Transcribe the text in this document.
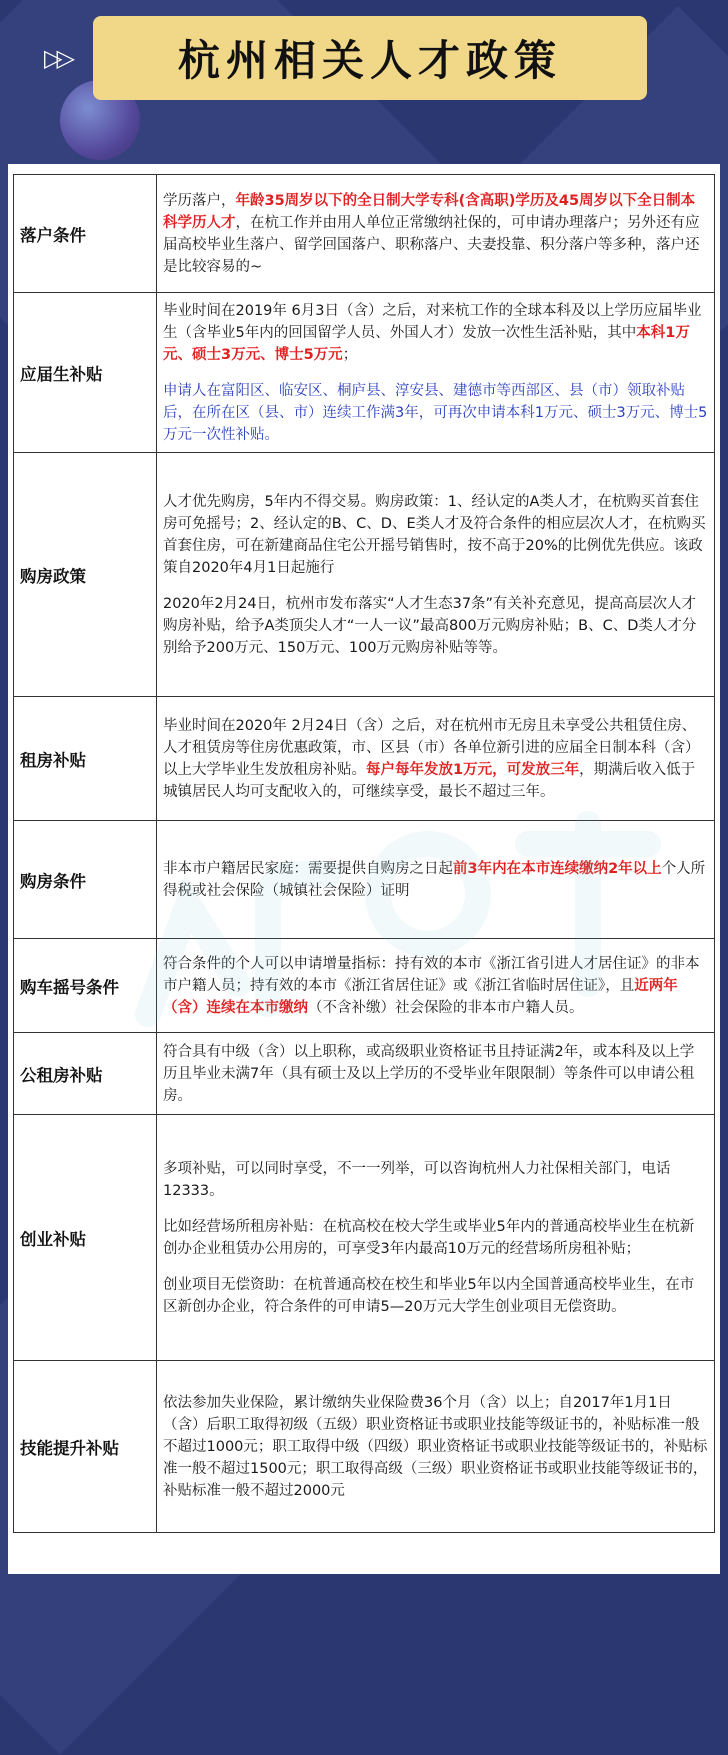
▷▷	杭州相关人才政策
落户条件	学历落户，年龄35周岁以下的全日制大学专科(含高职)学历及45周岁以下全日制本科学历人才，在杭工作并由用人单位正常缴纳社保的，可申请办理落户；另外还有应届高校毕业生落户、留学回国落户、职称落户、夫妻投靠、积分落户等多种，落户还是比较容易的~

应届生补贴	毕业时间在2019年 6月3日（含）之后，对来杭工作的全球本科及以上学历应届毕业生（含毕业5年内的回国留学人员、外国人才）发放一次性生活补贴，其中本科1万元、硕士3万元、博士5万元；
申请人在富阳区、临安区、桐庐县、淳安县、建德市等西部区、县（市）领取补贴后，在所在区（县、市）连续工作满3年，可再次申请本科1万元、硕士3万元、博士5万元一次性补贴。

购房政策	人才优先购房，5年内不得交易。购房政策：1、经认定的A类人才，在杭购买首套住房可免摇号；2、经认定的B、C、D、E类人才及符合条件的相应层次人才，在杭购买首套住房，可在新建商品住宅公开摇号销售时，按不高于20%的比例优先供应。该政策自2020年4月1日起施行
2020年2月24日，杭州市发布落实“人才生态37条”有关补充意见，提高高层次人才购房补贴，给予A类顶尖人才“一人一议”最高800万元购房补贴；B、C、D类人才分别给予200万元、150万元、100万元购房补贴等等。

租房补贴	毕业时间在2020年 2月24日（含）之后，对在杭州市无房且未享受公共租赁住房、人才租赁房等住房优惠政策，市、区县（市）各单位新引进的应届全日制本科（含）以上大学毕业生发放租房补贴。每户每年发放1万元，可发放三年，期满后收入低于城镇居民人均可支配收入的，可继续享受，最长不超过三年。

购房条件	非本市户籍居民家庭：需要提供自购房之日起前3年内在本市连续缴纳2年以上个人所得税或社会保险（城镇社会保险）证明

购车摇号条件	符合条件的个人可以申请增量指标：持有效的本市《浙江省引进人才居住证》的非本市户籍人员；持有效的本市《浙江省居住证》或《浙江省临时居住证》，且近两年（含）连续在本市缴纳（不含补缴）社会保险的非本市户籍人员。

公租房补贴	符合具有中级（含）以上职称，或高级职业资格证书且持证满2年，或本科及以上学历且毕业未满7年（具有硕士及以上学历的不受毕业年限限制）等条件可以申请公租房。

创业补贴	多项补贴，可以同时享受，不一一列举，可以咨询杭州人力社保相关部门，电话12333。
比如经营场所租房补贴：在杭高校在校大学生或毕业5年内的普通高校毕业生在杭新创办企业租赁办公用房的，可享受3年内最高10万元的经营场所房租补贴；
创业项目无偿资助：在杭普通高校在校生和毕业5年以内全国普通高校毕业生，在市区新创办企业，符合条件的可申请5—20万元大学生创业项目无偿资助。

技能提升补贴	依法参加失业保险，累计缴纳失业保险费36个月（含）以上；自2017年1月1日（含）后职工取得初级（五级）职业资格证书或职业技能等级证书的，补贴标准一般不超过1000元；职工取得中级（四级）职业资格证书或职业技能等级证书的，补贴标准一般不超过1500元；职工取得高级（三级）职业资格证书或职业技能等级证书的，补贴标准一般不超过2000元
